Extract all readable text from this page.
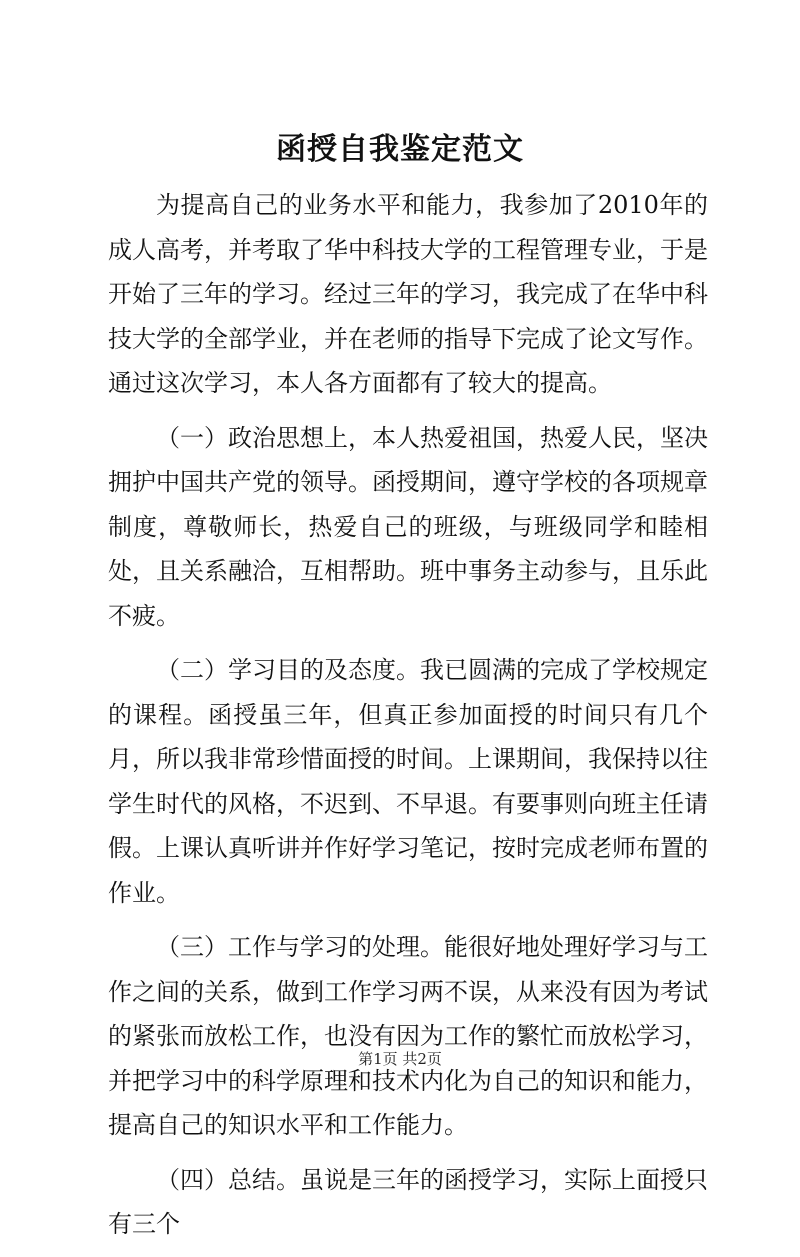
函授自我鉴定范文

为提高自己的业务水平和能力，我参加了2010年的成人高考，并考取了华中科技大学的工程管理专业，于是开始了三年的学习。经过三年的学习，我完成了在华中科技大学的全部学业，并在老师的指导下完成了论文写作。通过这次学习，本人各方面都有了较大的提高。

（一）政治思想上，本人热爱祖国，热爱人民，坚决拥护中国共产党的领导。函授期间，遵守学校的各项规章制度，尊敬师长，热爱自己的班级，与班级同学和睦相处，且关系融洽，互相帮助。班中事务主动参与，且乐此不疲。

（二）学习目的及态度。我已圆满的完成了学校规定的课程。函授虽三年，但真正参加面授的时间只有几个月，所以我非常珍惜面授的时间。上课期间，我保持以往学生时代的风格，不迟到、不早退。有要事则向班主任请假。上课认真听讲并作好学习笔记，按时完成老师布置的作业。

（三）工作与学习的处理。能很好地处理好学习与工作之间的关系，做到工作学习两不误，从来没有因为考试的紧张而放松工作，也没有因为工作的繁忙而放松学习，并把学习中的科学原理和技术内化为自己的知识和能力，提高自己的知识水平和工作能力。

（四）总结。虽说是三年的函授学习，实际上面授只有三个

第1页 共2页
